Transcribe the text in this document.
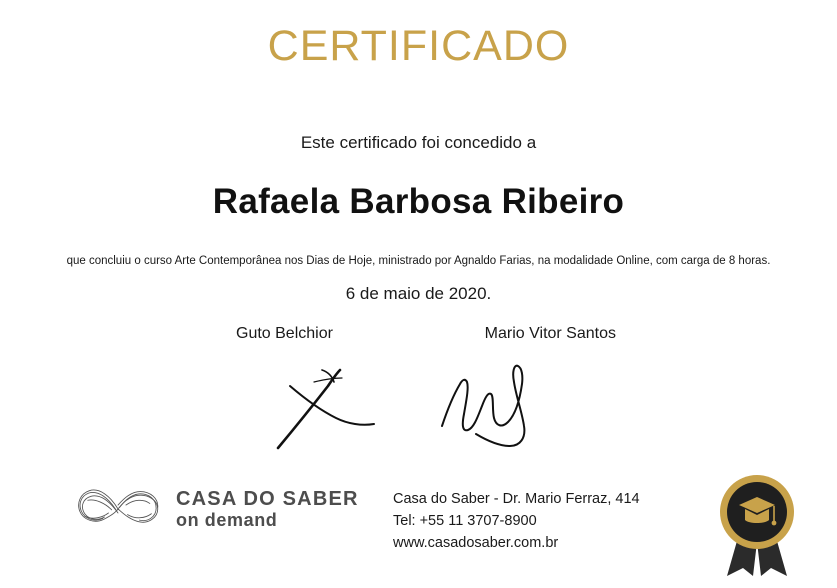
CERTIFICADO
Este certificado foi concedido a
Rafaela Barbosa Ribeiro
que concluiu o curso Arte Contemporânea nos Dias de Hoje, ministrado por Agnaldo Farias, na modalidade Online, com carga de 8 horas.
6 de maio de 2020.
Guto Belchior	Mario Vitor Santos
CASA DO SABER
on demand
Casa do Saber - Dr. Mario Ferraz, 414
Tel: +55 11 3707-8900
www.casadosaber.com.br
